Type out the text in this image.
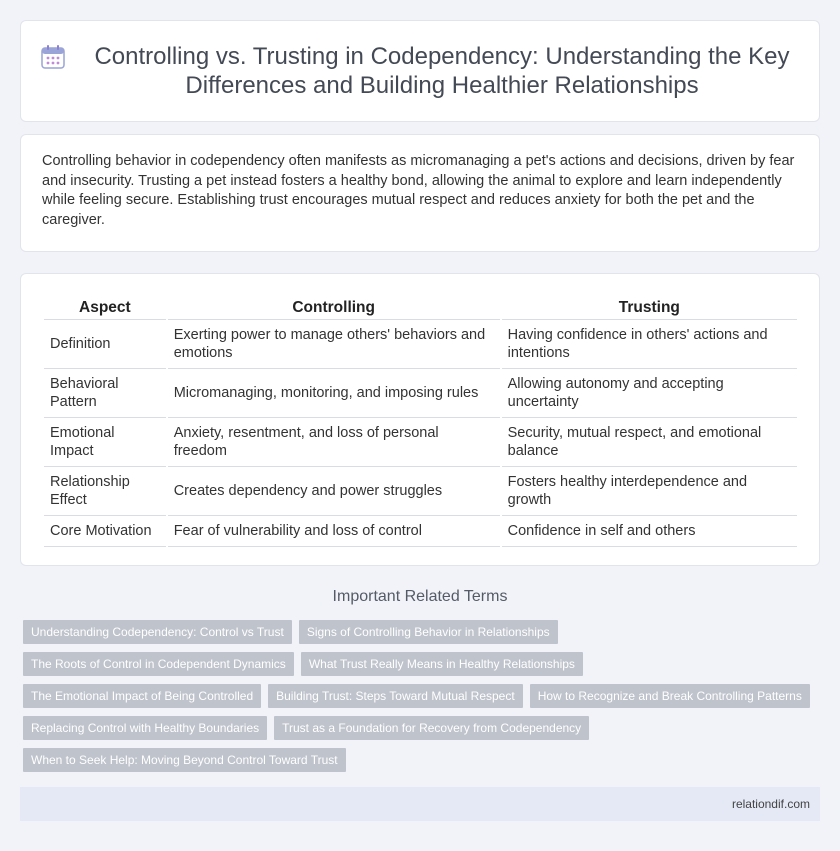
Controlling vs. Trusting in Codependency: Understanding the Key Differences and Building Healthier Relationships

Controlling behavior in codependency often manifests as micromanaging a pet's actions and decisions, driven by fear and insecurity. Trusting a pet instead fosters a healthy bond, allowing the animal to explore and learn independently while feeling secure. Establishing trust encourages mutual respect and reduces anxiety for both the pet and the caregiver.

Aspect	Controlling	Trusting
Definition	Exerting power to manage others' behaviors and emotions	Having confidence in others' actions and intentions
Behavioral Pattern	Micromanaging, monitoring, and imposing rules	Allowing autonomy and accepting uncertainty
Emotional Impact	Anxiety, resentment, and loss of personal freedom	Security, mutual respect, and emotional balance
Relationship Effect	Creates dependency and power struggles	Fosters healthy interdependence and growth
Core Motivation	Fear of vulnerability and loss of control	Confidence in self and others
Important Related Terms
Understanding Codependency: Control vs Trust	Signs of Controlling Behavior in Relationships
The Roots of Control in Codependent Dynamics	What Trust Really Means in Healthy Relationships
The Emotional Impact of Being Controlled	Building Trust: Steps Toward Mutual Respect	How to Recognize and Break Controlling Patterns
Replacing Control with Healthy Boundaries	Trust as a Foundation for Recovery from Codependency
When to Seek Help: Moving Beyond Control Toward Trust
relationdif.com
